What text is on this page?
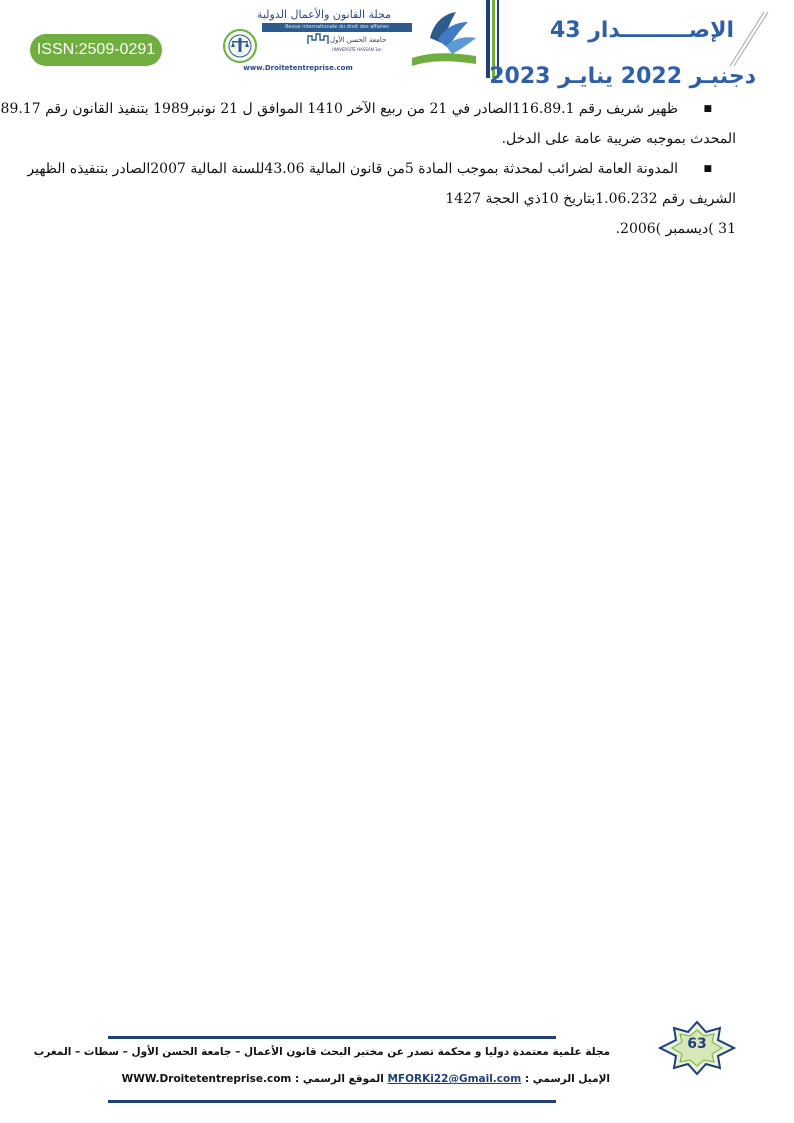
ISSN:2509-0291
مجلة القانون والأعمال الدولية
Revue internationale du droit des affaires
جامعة الحسن الأول
UNIVERSITÉ HASSAN 1er
www.Droitetentreprise.com
الإصـــــــــدار 43
دجنبـر 2022 ينايـر 2023
■
ظهير شريف رقم 116.89.1الصادر في 21 من ربيع الآخر 1410 الموافق ل 21 نونبر1989 بتنفيذ القانون رقم 89.17
المحدث بموجبه ضريبة عامة على الدخل.
■
المدونة العامة لضرائب لمحدثة بموجب المادة 5من قانون المالية 43.06للسنة المالية 2007الصادر بتنفيذه الظهير
الشريف رقم 1.06.232بتاريخ 10ذي الحجة 1427
31 )ديسمبر )2006.
63
مجلة علمية معتمدة دوليا و محكمة تصدر عن مختبر البحث قانون الأعمال – جامعة الحسن الأول – سطات – المغرب
الإميل الرسمي : MFORKi22@Gmail.com الموقع الرسمي : WWW.Droitetentreprise.com
